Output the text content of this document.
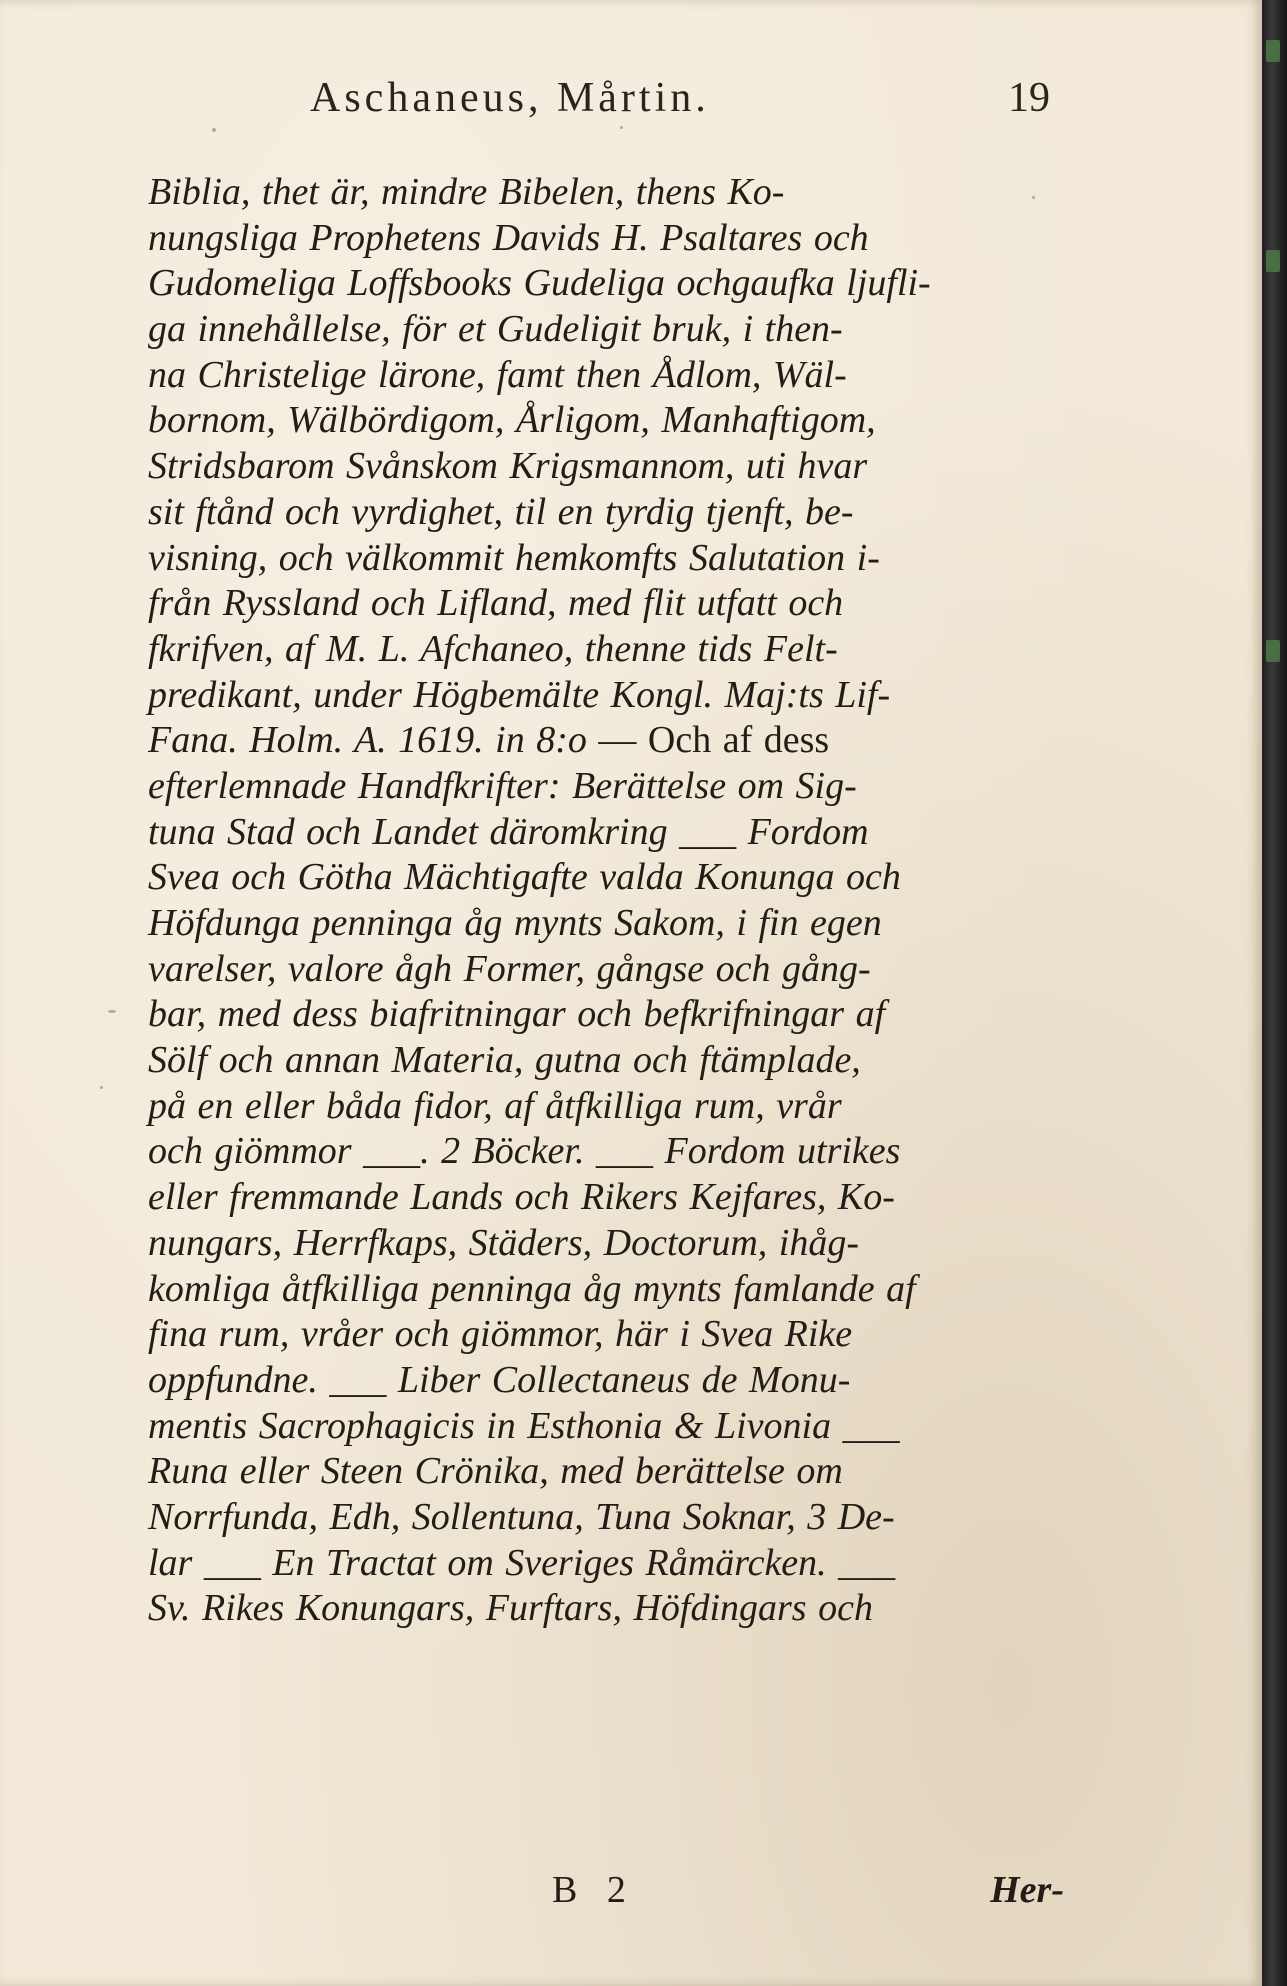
Aschaneus, Mårtin.	19
Biblia, thet är, mindre Bibelen, thens Ko-
nungsliga Prophetens Davids H. Psaltares och
Gudomeliga Loffsbooks Gudeliga ochgaufka ljufli-
ga innehållelse, för et Gudeligit bruk, i then-
na Christelige lärone, famt then Ådlom, Wäl-
bornom, Wälbördigom, Årligom, Manhaftigom,
Stridsbarom Svånskom Krigsmannom, uti hvar
sit ftånd och vyrdighet, til en tyrdig tjenft, be-
visning, och välkommit hemkomfts Salutation i-
från Ryssland och Lifland, med flit utfatt och
fkrifven, af M. L. Afchaneo, thenne tids Felt-
predikant, under Högbemälte Kongl. Maj:ts Lif-
Fana. Holm. A. 1619. in 8:o — Och af dess
efterlemnade Handfkrifter: Berättelse om Sig-
tuna Stad och Landet däromkring ___ Fordom
Svea och Götha Mächtigafte valda Konunga och
Höfdunga penninga åg mynts Sakom, i fin egen
varelser, valore ågh Former, gångse och gång-
bar, med dess biafritningar och befkrifningar af
Sölf och annan Materia, gutna och ftämplade,
på en eller båda fidor, af åtfkilliga rum, vrår
och giömmor ___. 2 Böcker. ___ Fordom utrikes
eller fremmande Lands och Rikers Kejfares, Ko-
nungars, Herrfkaps, Städers, Doctorum, ihåg-
komliga åtfkilliga penninga åg mynts famlande af
fina rum, vråer och giömmor, här i Svea Rike
oppfundne. ___ Liber Collectaneus de Monu-
mentis Sacrophagicis in Esthonia & Livonia ___
Runa eller Steen Crönika, med berättelse om
Norrfunda, Edh, Sollentuna, Tuna Soknar, 3 De-
lar ___ En Tractat om Sveriges Råmärcken. ___
Sv. Rikes Konungars, Furftars, Höfdingars och
B 2	Her-
